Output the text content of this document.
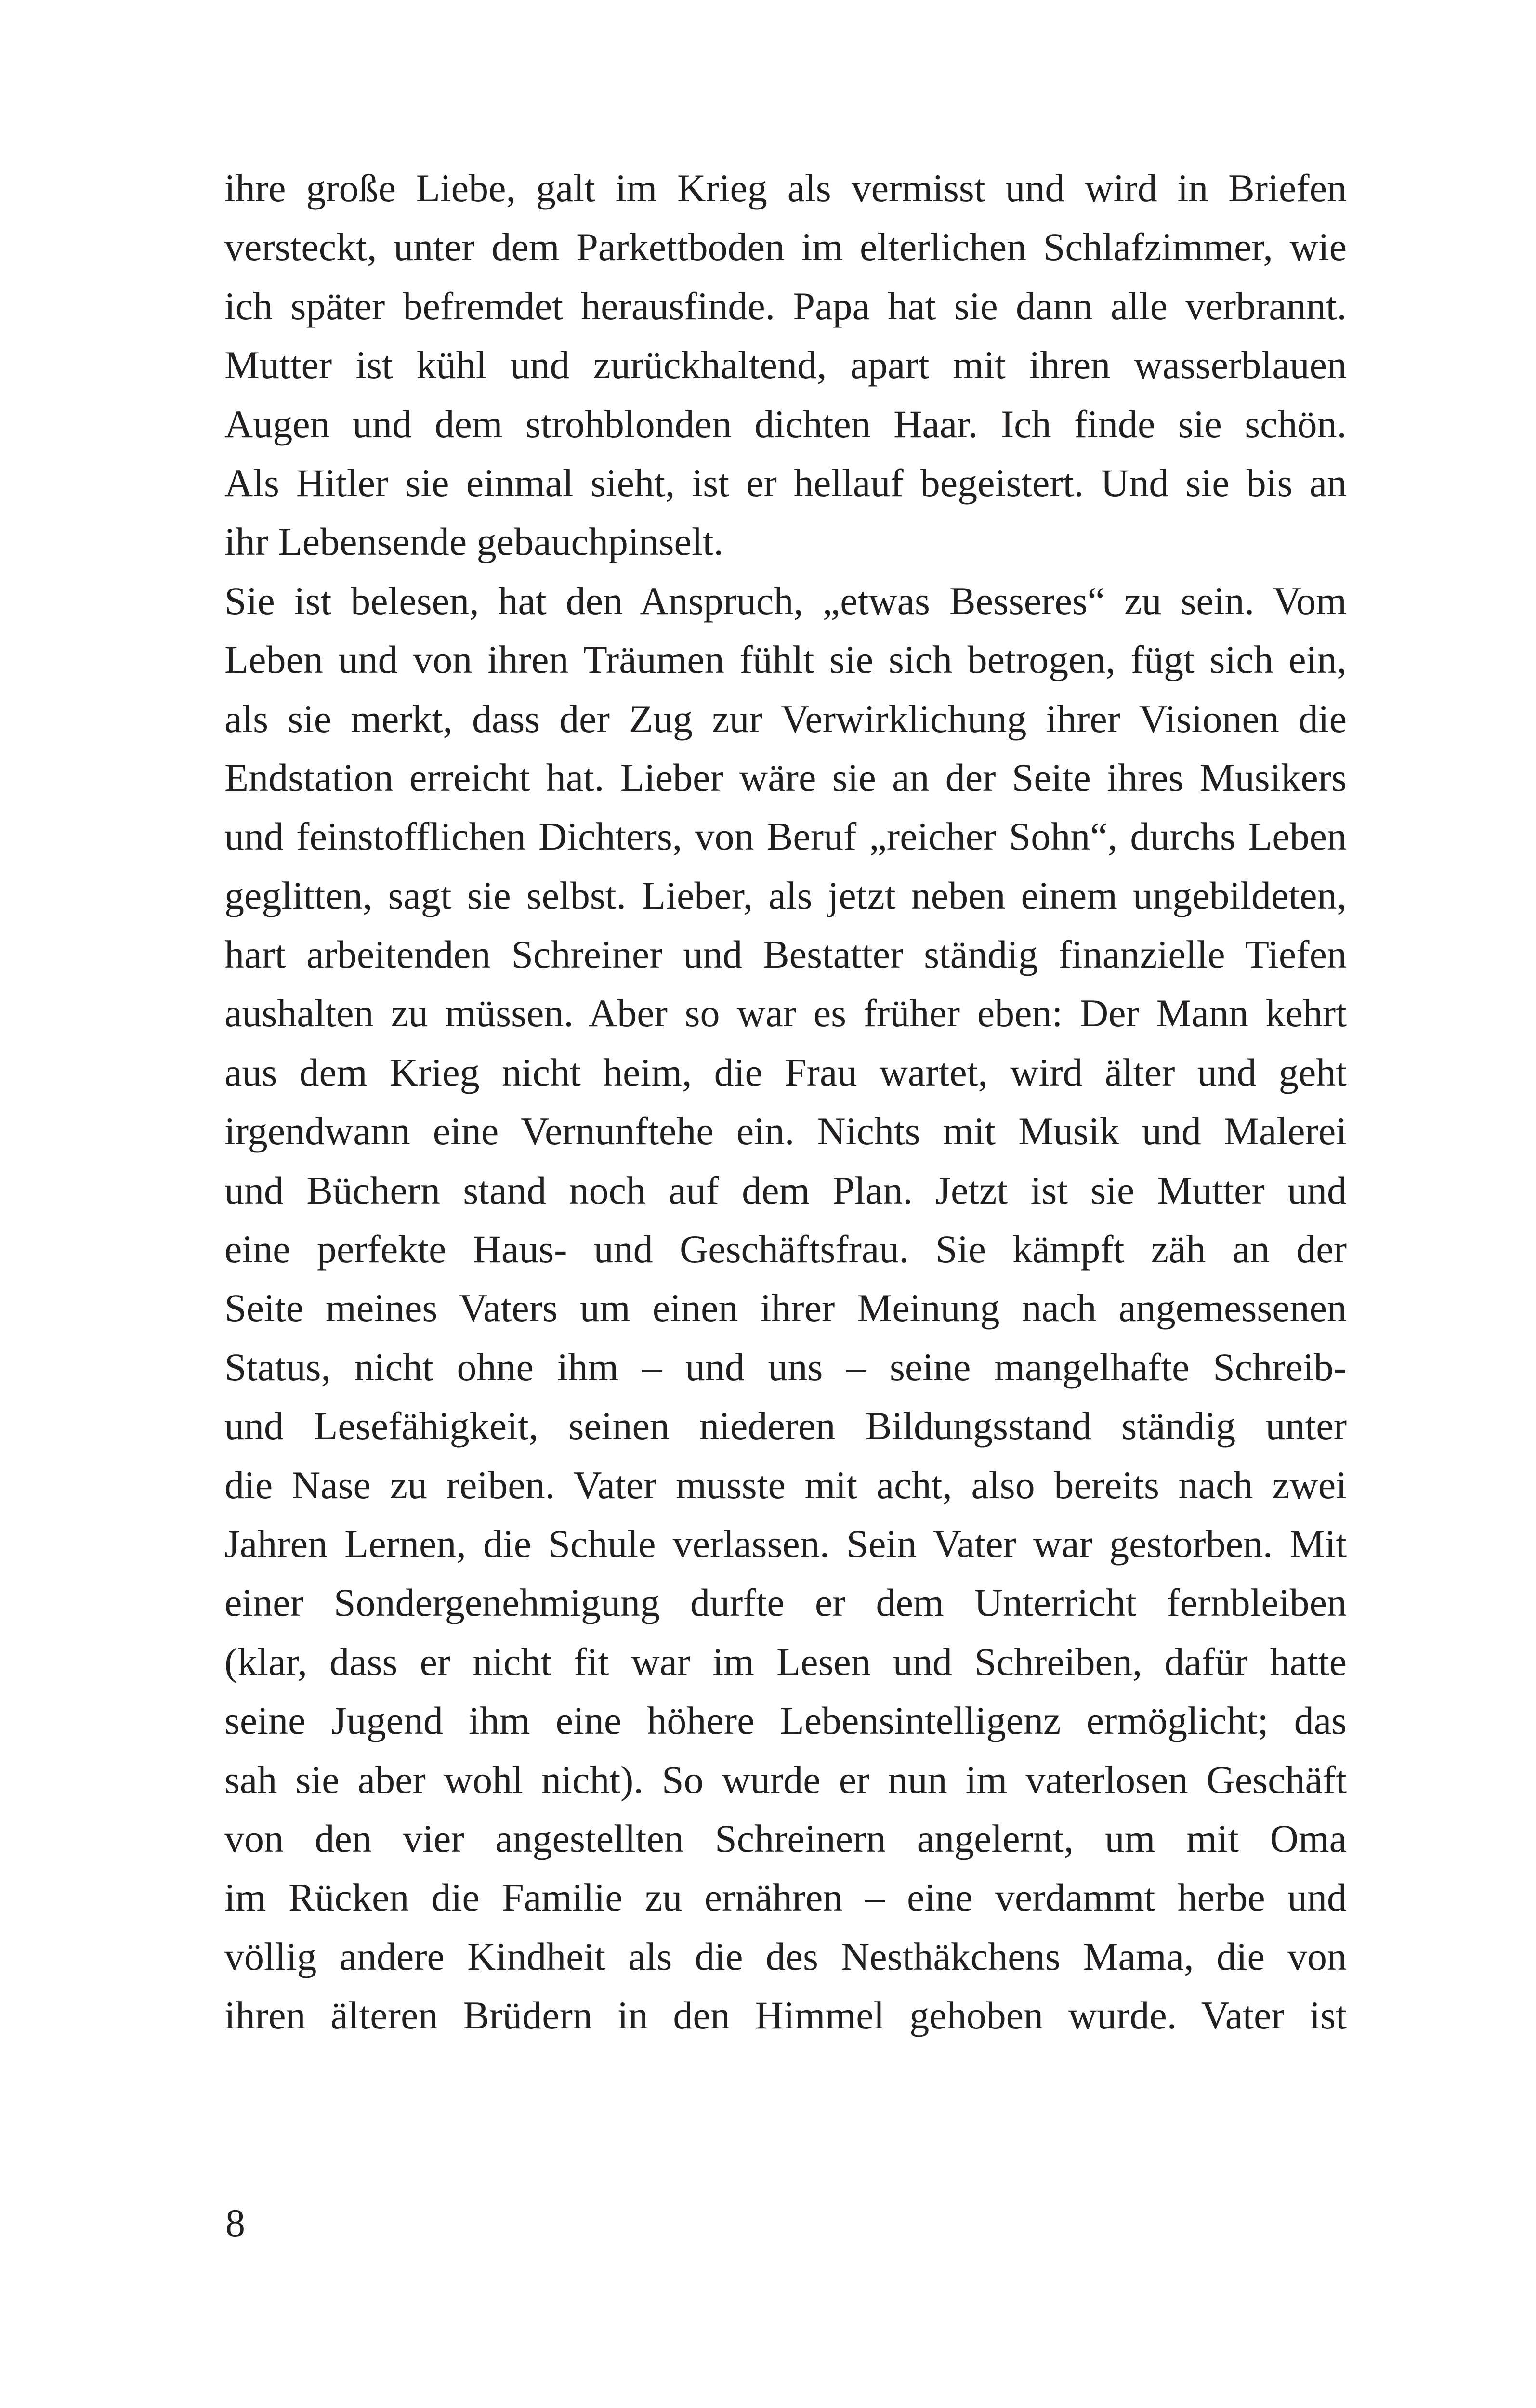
ihre große Liebe, galt im Krieg als vermisst und wird in Briefen
versteckt, unter dem Parkettboden im elterlichen Schlafzimmer, wie
ich später befremdet herausfinde. Papa hat sie dann alle verbrannt.
Mutter ist kühl und zurückhaltend, apart mit ihren wasserblauen
Augen und dem strohblonden dichten Haar. Ich finde sie schön.
Als Hitler sie einmal sieht, ist er hellauf begeistert. Und sie bis an
ihr Lebensende gebauchpinselt.
Sie ist belesen, hat den Anspruch, „etwas Besseres“ zu sein. Vom
Leben und von ihren Träumen fühlt sie sich betrogen, fügt sich ein,
als sie merkt, dass der Zug zur Verwirklichung ihrer Visionen die
Endstation erreicht hat. Lieber wäre sie an der Seite ihres Musikers
und feinstofflichen Dichters, von Beruf „reicher Sohn“, durchs Leben
geglitten, sagt sie selbst. Lieber, als jetzt neben einem ungebildeten,
hart arbeitenden Schreiner und Bestatter ständig finanzielle Tiefen
aushalten zu müssen. Aber so war es früher eben: Der Mann kehrt
aus dem Krieg nicht heim, die Frau wartet, wird älter und geht
irgendwann eine Vernunftehe ein. Nichts mit Musik und Malerei
und Büchern stand noch auf dem Plan. Jetzt ist sie Mutter und
eine perfekte Haus- und Geschäftsfrau. Sie kämpft zäh an der
Seite meines Vaters um einen ihrer Meinung nach angemessenen
Status, nicht ohne ihm – und uns – seine mangelhafte Schreib-
und Lesefähigkeit, seinen niederen Bildungsstand ständig unter
die Nase zu reiben. Vater musste mit acht, also bereits nach zwei
Jahren Lernen, die Schule verlassen. Sein Vater war gestorben. Mit
einer Sondergenehmigung durfte er dem Unterricht fernbleiben
(klar, dass er nicht fit war im Lesen und Schreiben, dafür hatte
seine Jugend ihm eine höhere Lebensintelligenz ermöglicht; das
sah sie aber wohl nicht). So wurde er nun im vaterlosen Geschäft
von den vier angestellten Schreinern angelernt, um mit Oma
im Rücken die Familie zu ernähren – eine verdammt herbe und
völlig andere Kindheit als die des Nesthäkchens Mama, die von
ihren älteren Brüdern in den Himmel gehoben wurde. Vater ist
8
